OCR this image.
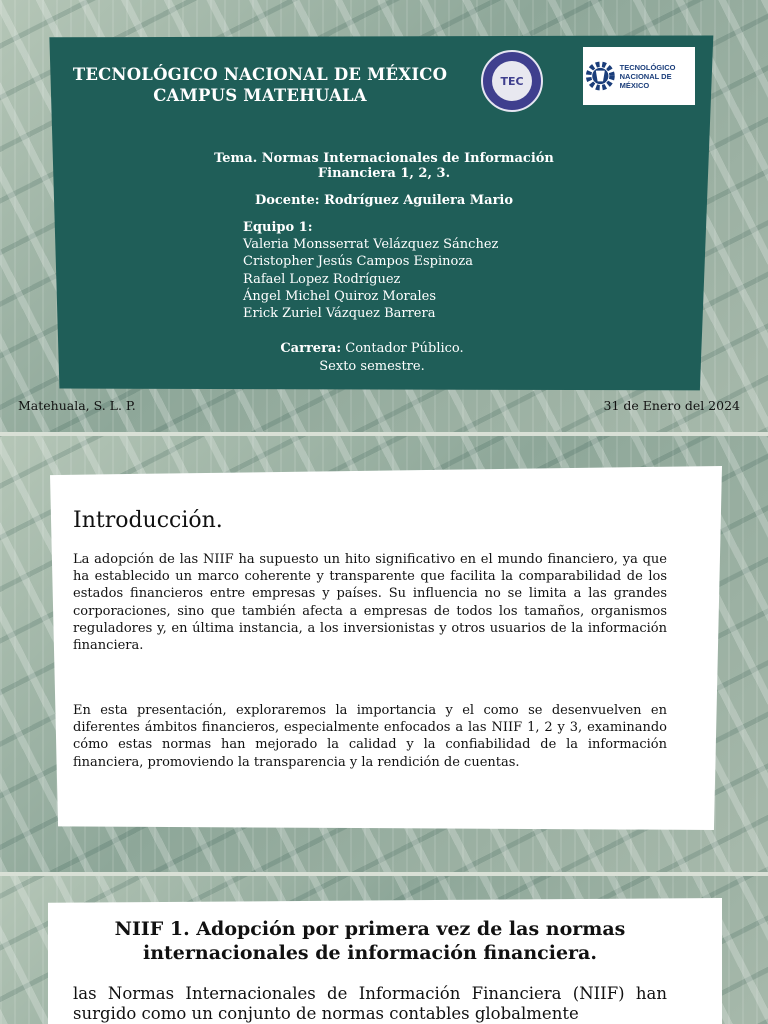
TECNOLÓGICO NACIONAL DE MÉXICO
CAMPUS MATEHUALA
TEC
TECNOLÓGICO
NACIONAL DE MÉXICO
Tema. Normas Internacionales de Información
Financiera 1, 2, 3.
Docente: Rodríguez Aguilera Mario
Equipo 1:
Valeria Monsserrat Velázquez Sánchez
Cristopher Jesús Campos Espinoza
Rafael Lopez Rodríguez
Ángel Michel Quiroz Morales
Erick Zuriel Vázquez Barrera
Carrera: Contador Público.
Sexto semestre.
Matehuala, S. L. P.	31 de Enero del 2024
Introducción.
La adopción de las NIIF ha supuesto un hito significativo en el mundo financiero, ya que ha establecido un marco coherente y transparente que facilita la comparabilidad de los estados financieros entre empresas y países. Su influencia no se limita a las grandes corporaciones, sino que también afecta a empresas de todos los tamaños, organismos reguladores y, en última instancia, a los inversionistas y otros usuarios de la información financiera.
En esta presentación, exploraremos la importancia y el como se desenvuelven en diferentes ámbitos financieros, especialmente enfocados a las NIIF 1, 2 y 3, examinando cómo estas normas han mejorado la calidad y la confiabilidad de la información financiera, promoviendo la transparencia y la rendición de cuentas.
NIIF 1. Adopción por primera vez de las normas internacionales de información financiera.
las Normas Internacionales de Información Financiera (NIIF) han surgido como un conjunto de normas contables globalmente
